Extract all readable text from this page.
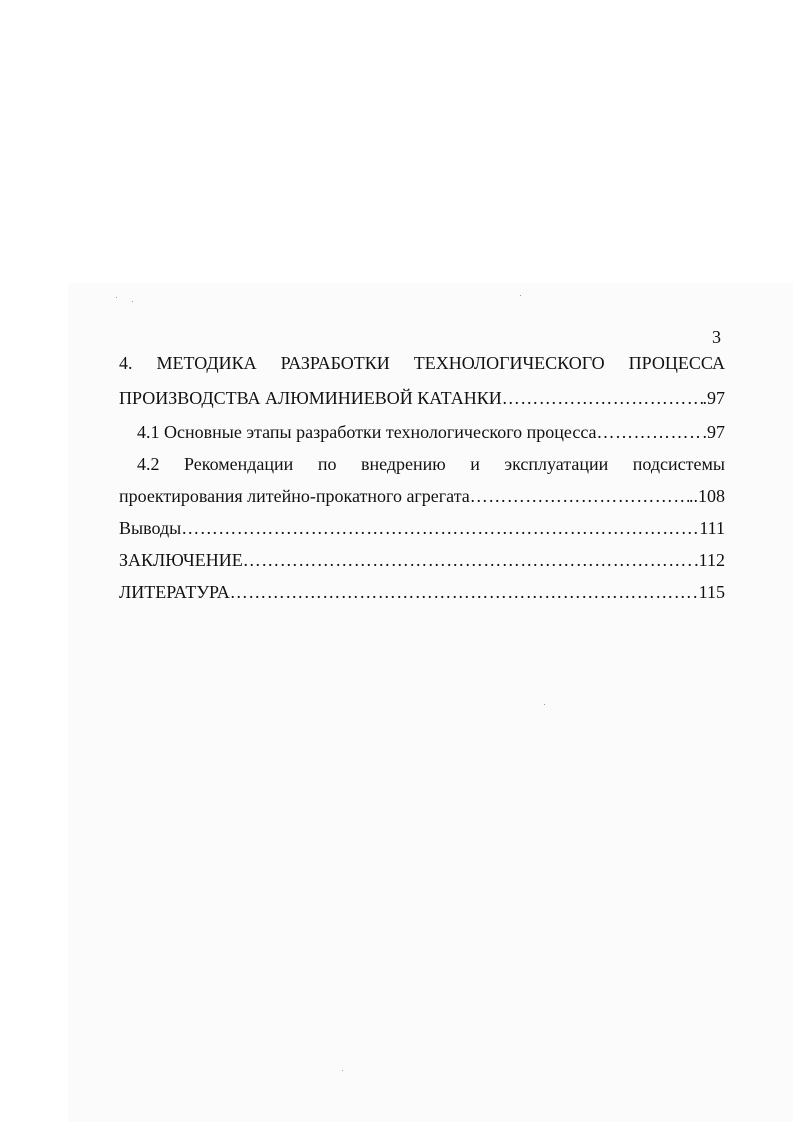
3
4. МЕТОДИКА РАЗРАБОТКИ ТЕХНОЛОГИЧЕСКОГО ПРОЦЕССА
ПРОИЗВОДСТВА АЛЮМИНИЕВОЙ КАТАНКИ …………………………………………………………………………………………………………………………………………………………………………	.97
4.1 Основные этапы разработки технологического процесса …………………………………………………………………………………………………………………………………………………………………………	.97
4.2 Рекомендации по внедрению и эксплуатации подсистемы
проектирования литейно-прокатного агрегата …………………………………………………………………………………………………………………………………………………………………………	..108
Выводы …………………………………………………………………………………………………………………………………………………………………………	111
ЗАКЛЮЧЕНИЕ …………………………………………………………………………………………………………………………………………………………………………	.112
ЛИТЕРАТУРА …………………………………………………………………………………………………………………………………………………………………………	115
